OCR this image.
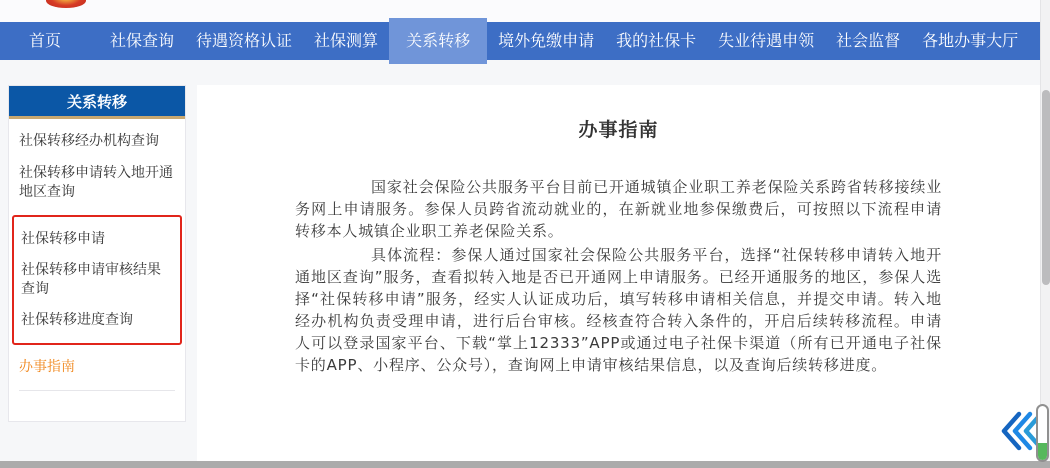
首页	社保查询	待遇资格认证	社保测算	关系转移	境外免缴申请	我的社保卡	失业待遇申领	社会监督	各地办事大厅
关系转移
社保转移经办机构查询
社保转移申请转入地开通地区查询
社保转移申请
社保转移申请审核结果查询
社保转移进度查询
办事指南
办事指南

国家社会保险公共服务平台目前已开通城镇企业职工养老保险关系跨省转移接续业务网上申请服务。参保人员跨省流动就业的，在新就业地参保缴费后，可按照以下流程申请转移本人城镇企业职工养老保险关系。

具体流程：参保人通过国家社会保险公共服务平台，选择“社保转移申请转入地开通地区查询”服务，查看拟转入地是否已开通网上申请服务。已经开通服务的地区，参保人选择“社保转移申请”服务，经实人认证成功后，填写转移申请相关信息，并提交申请。转入地经办机构负责受理申请，进行后台审核。经核查符合转入条件的，开启后续转移流程。申请人可以登录国家平台、下载“掌上12333”APP或通过电子社保卡渠道（所有已开通电子社保卡的APP、小程序、公众号），查询网上申请审核结果信息，以及查询后续转移进度。
